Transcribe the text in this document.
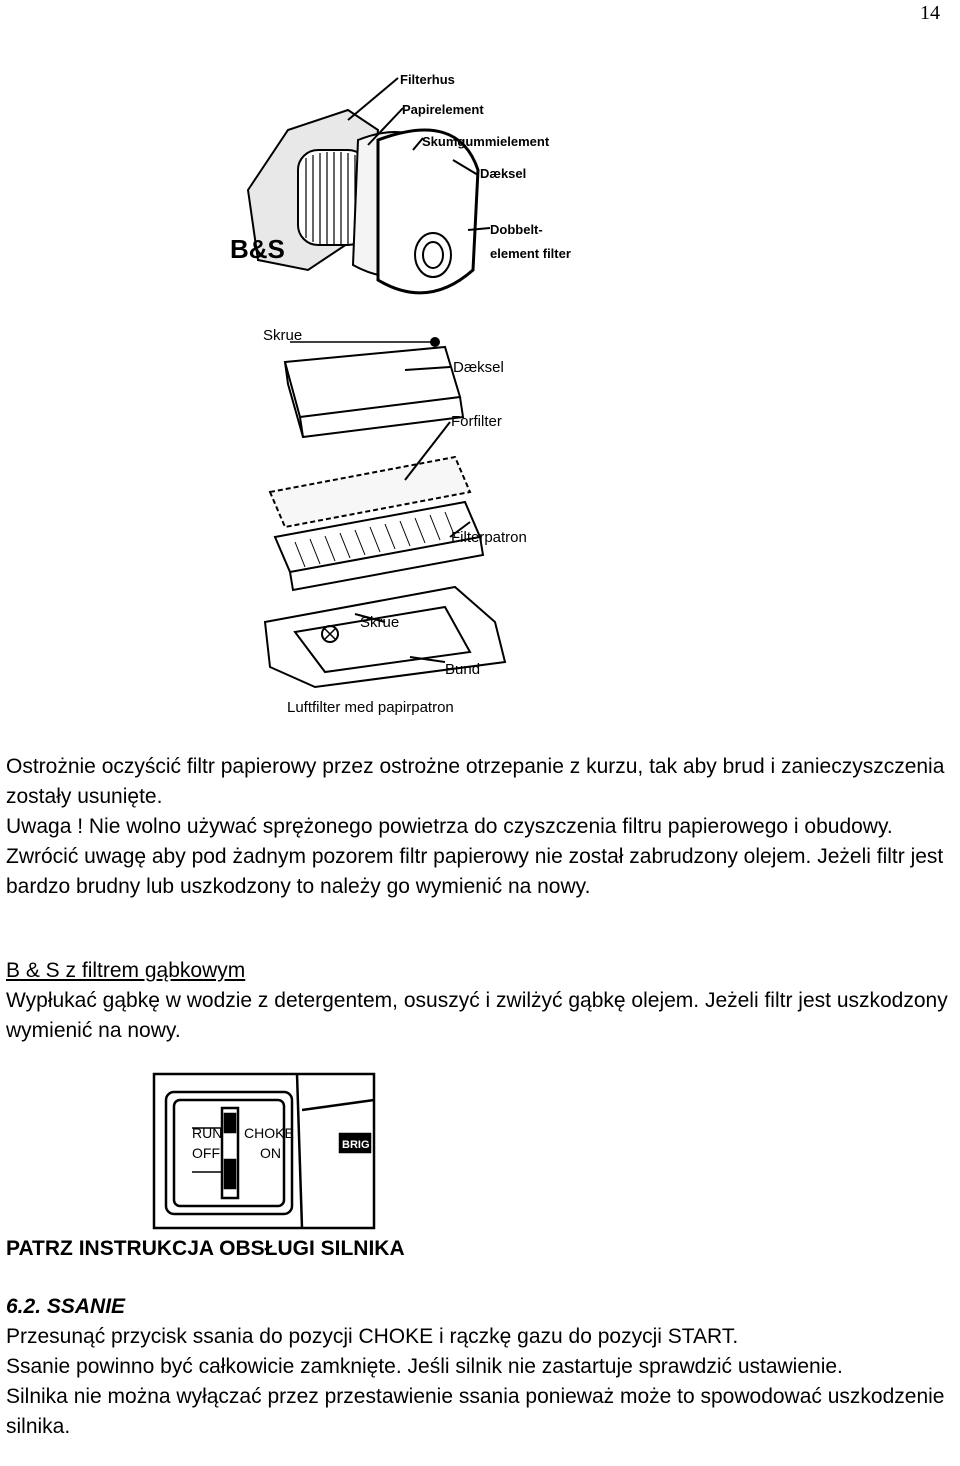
14
Filterhus
Papirelement
Skumgummielement
Dæksel
Dobbelt-
element filter
B&S
Skrue
Dæksel
Forfilter
Filterpatron
Skrue
Bund
Luftfilter med papirpatron

Ostrożnie oczyścić filtr papierowy przez ostrożne otrzepanie z kurzu, tak aby brud i zanieczyszczenia zostały usunięte.

Uwaga ! Nie wolno używać sprężonego powietrza do czyszczenia filtru papierowego i obudowy.

Zwrócić uwagę aby pod żadnym pozorem filtr papierowy nie został zabrudzony olejem. Jeżeli filtr jest bardzo brudny lub uszkodzony to należy go wymienić na nowy.

B & S z filtrem gąbkowym

Wypłukać gąbkę w wodzie z detergentem, osuszyć i zwilżyć gąbkę olejem. Jeżeli filtr jest uszkodzony wymienić na nowy.

RUN CHOKE
OFF	ON	BRIG
PATRZ INSTRUKCJA OBSŁUGI SILNIKA

6.2. SSANIE

Przesunąć przycisk ssania do pozycji CHOKE i rączkę gazu do pozycji START.

Ssanie powinno być całkowicie zamknięte. Jeśli silnik nie zastartuje sprawdzić ustawienie.

Silnika nie można wyłączać przez przestawienie ssania ponieważ może to spowodować uszkodzenie silnika.
